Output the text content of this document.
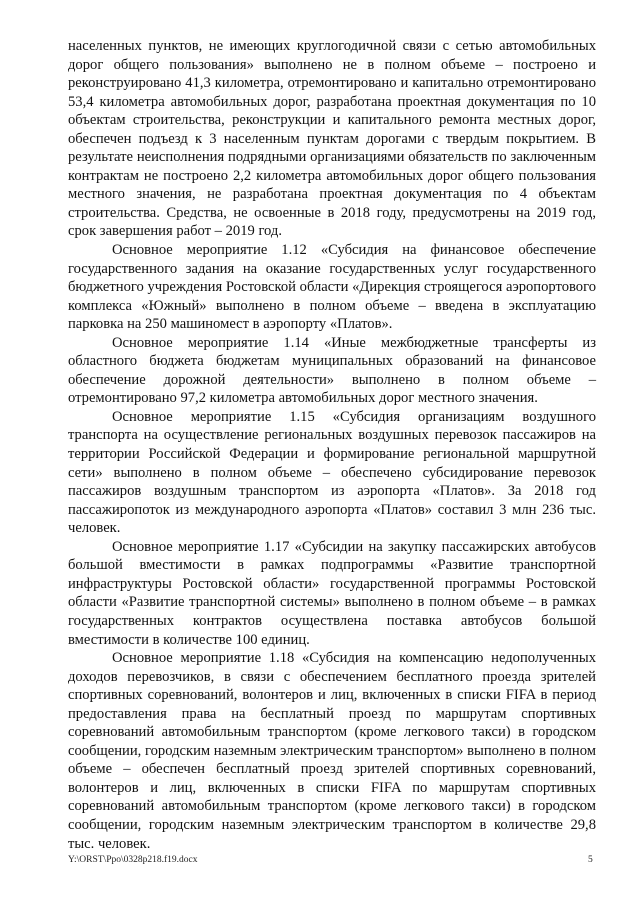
населенных пунктов, не имеющих круглогодичной связи с сетью автомобильных дорог общего пользования» выполнено не в полном объеме – построено и реконструировано 41,3 километра, отремонтировано и капитально отремонтировано 53,4 километра автомобильных дорог, разработана проектная документация по 10 объектам строительства, реконструкции и капитального ремонта местных дорог, обеспечен подъезд к 3 населенным пунктам дорогами с твердым покрытием. В результате неисполнения подрядными организациями обязательств по заключенным контрактам не построено 2,2 километра автомобильных дорог общего пользования местного значения, не разработана проектная документация по 4 объектам строительства. Средства, не освоенные в 2018 году, предусмотрены на 2019 год, срок завершения работ – 2019 год.

Основное мероприятие 1.12 «Субсидия на финансовое обеспечение государственного задания на оказание государственных услуг государственного бюджетного учреждения Ростовской области «Дирекция строящегося аэропортового комплекса «Южный» выполнено в полном объеме – введена в эксплуатацию парковка на 250 машиномест в аэропорту «Платов».

Основное мероприятие 1.14 «Иные межбюджетные трансферты из областного бюджета бюджетам муниципальных образований на финансовое обеспечение дорожной деятельности» выполнено в полном объеме – отремонтировано 97,2 километра автомобильных дорог местного значения.

Основное мероприятие 1.15 «Субсидия организациям воздушного транспорта на осуществление региональных воздушных перевозок пассажиров на территории Российской Федерации и формирование региональной маршрутной сети» выполнено в полном объеме – обеспечено субсидирование перевозок пассажиров воздушным транспортом из аэропорта «Платов». За 2018 год пассажиропоток из международного аэропорта «Платов» составил 3 млн 236 тыс. человек.

Основное мероприятие 1.17 «Субсидии на закупку пассажирских автобусов большой вместимости в рамках подпрограммы «Развитие транспортной инфраструктуры Ростовской области» государственной программы Ростовской области «Развитие транспортной системы» выполнено в полном объеме – в рамках государственных контрактов осуществлена поставка автобусов большой вместимости в количестве 100 единиц.

Основное мероприятие 1.18 «Субсидия на компенсацию недополученных доходов перевозчиков, в связи с обеспечением бесплатного проезда зрителей спортивных соревнований, волонтеров и лиц, включенных в списки FIFA в период предоставления права на бесплатный проезд по маршрутам спортивных соревнований автомобильным транспортом (кроме легкового такси) в городском сообщении, городским наземным электрическим транспортом» выполнено в полном объеме – обеспечен бесплатный проезд зрителей спортивных соревнований, волонтеров и лиц, включенных в списки FIFA по маршрутам спортивных соревнований автомобильным транспортом (кроме легкового такси) в городском сообщении, городским наземным электрическим транспортом в количестве 29,8 тыс. человек.

Y:\ORST\Ppo\0328p218.f19.docx	5
